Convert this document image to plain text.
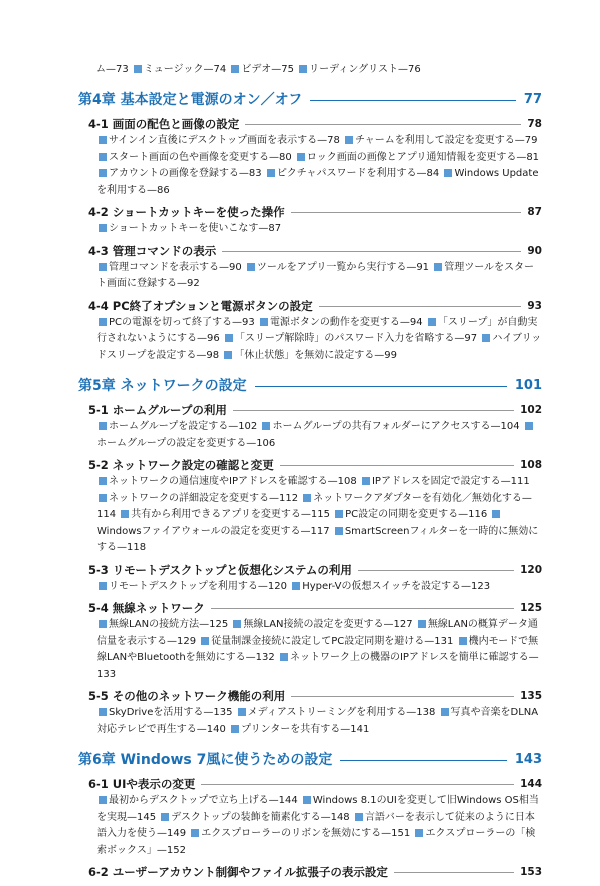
ム—73 ミュージック—74 ビデオ—75 リーディングリスト—76
第4章 基本設定と電源のオン／オフ	77
4-1 画面の配色と画像の設定	78
サインイン直後にデスクトップ画面を表示する—78 チャームを利用して設定を変更する—79 スタート画面の色や画像を変更する—80 ロック画面の画像とアプリ通知情報を変更する—81 アカウントの画像を登録する—83 ピクチャパスワードを利用する—84 Windows Updateを利用する—86
4-2 ショートカットキーを使った操作	87
ショートカットキーを使いこなす—87
4-3 管理コマンドの表示	90
管理コマンドを表示する—90 ツールをアプリ一覧から実行する—91 管理ツールをスタート画面に登録する—92
4-4 PC終了オプションと電源ボタンの設定	93
PCの電源を切って終了する—93 電源ボタンの動作を変更する—94 「スリープ」が自動実行されないようにする—96 「スリープ解除時」のパスワード入力を省略する—97 ハイブリッドスリープを設定する—98 「休止状態」を無効に設定する—99
第5章 ネットワークの設定	101
5-1 ホームグループの利用	102
ホームグループを設定する—102 ホームグループの共有フォルダーにアクセスする—104 ホームグループの設定を変更する—106
5-2 ネットワーク設定の確認と変更	108
ネットワークの通信速度やIPアドレスを確認する—108 IPアドレスを固定で設定する—111 ネットワークの詳細設定を変更する—112 ネットワークアダプターを有効化／無効化する—114 共有から利用できるアプリを変更する—115 PC設定の同期を変更する—116 Windowsファイアウォールの設定を変更する—117 SmartScreenフィルターを一時的に無効にする—118
5-3 リモートデスクトップと仮想化システムの利用	120
リモートデスクトップを利用する—120 Hyper-Vの仮想スイッチを設定する—123
5-4 無線ネットワーク	125
無線LANの接続方法—125 無線LAN接続の設定を変更する—127 無線LANの概算データ通信量を表示する—129 従量制課金接続に設定してPC設定同期を避ける—131 機内モードで無線LANやBluetoothを無効にする—132 ネットワーク上の機器のIPアドレスを簡単に確認する—133
5-5 その他のネットワーク機能の利用	135
SkyDriveを活用する—135 メディアストリーミングを利用する—138 写真や音楽をDLNA対応テレビで再生する—140 プリンターを共有する—141
第6章 Windows 7風に使うための設定	143
6-1 UIや表示の変更	144
最初からデスクトップで立ち上げる—144 Windows 8.1のUIを変更して旧Windows OS相当を実現—145 デスクトップの装飾を簡素化する—148 言語バーを表示して従来のように日本語入力を使う—149 エクスプローラーのリボンを無効にする—151 エクスプローラーの「検索ボックス」—152
6-2 ユーザーアカウント制御やファイル拡張子の表示設定	153
